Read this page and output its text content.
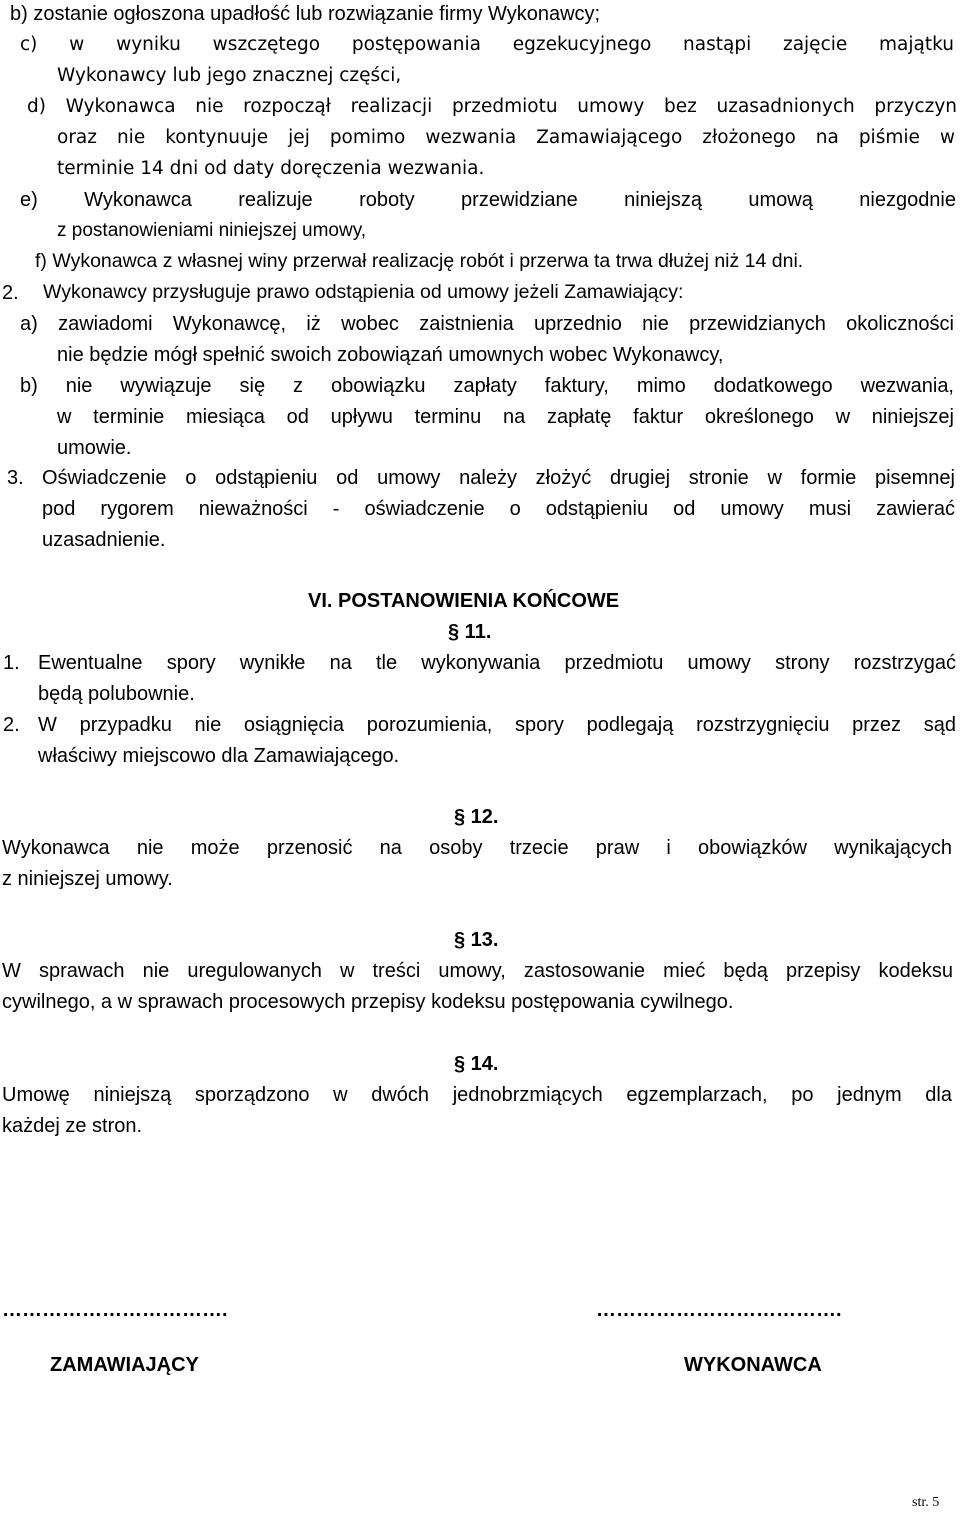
b) zostanie ogłoszona upadłość lub rozwiązanie firmy Wykonawcy;
c) w wyniku wszczętego postępowania egzekucyjnego nastąpi zajęcie majątku
Wykonawcy lub jego znacznej części,
d) Wykonawca nie rozpoczął realizacji przedmiotu umowy bez uzasadnionych przyczyn
oraz nie kontynuuje jej pomimo wezwania Zamawiającego złożonego na piśmie w
terminie 14 dni od daty doręczenia wezwania.
e) Wykonawca realizuje roboty przewidziane niniejszą umową niezgodnie
z postanowieniami niniejszej umowy,
f) Wykonawca z własnej winy przerwał realizację robót i przerwa ta trwa dłużej niż 14 dni.
2. Wykonawcy przysługuje prawo odstąpienia od umowy jeżeli Zamawiający:
a) zawiadomi Wykonawcę, iż wobec zaistnienia uprzednio nie przewidzianych okoliczności
nie będzie mógł spełnić swoich zobowiązań umownych wobec Wykonawcy,
b) nie wywiązuje się z obowiązku zapłaty faktury, mimo dodatkowego wezwania,
w terminie miesiąca od upływu terminu na zapłatę faktur określonego w niniejszej
umowie.
3. Oświadczenie o odstąpieniu od umowy należy złożyć drugiej stronie w formie pisemnej
pod rygorem nieważności - oświadczenie o odstąpieniu od umowy musi zawierać
uzasadnienie.
VI. POSTANOWIENIA KOŃCOWE
§ 11.
1. Ewentualne spory wynikłe na tle wykonywania przedmiotu umowy strony rozstrzygać
będą polubownie.
2. W przypadku nie osiągnięcia porozumienia, spory podlegają rozstrzygnięciu przez sąd
właściwy miejscowo dla Zamawiającego.
§ 12.
Wykonawca nie może przenosić na osoby trzecie praw i obowiązków wynikających
z niniejszej umowy.
§ 13.
W sprawach nie uregulowanych w treści umowy, zastosowanie mieć będą przepisy kodeksu
cywilnego, a w sprawach procesowych przepisy kodeksu postępowania cywilnego.
§ 14.
Umowę niniejszą sporządzono w dwóch jednobrzmiących egzemplarzach, po jednym dla
każdej ze stron.
…………………………….	……………………………….
ZAMAWIAJĄCY	WYKONAWCA
str. 5
